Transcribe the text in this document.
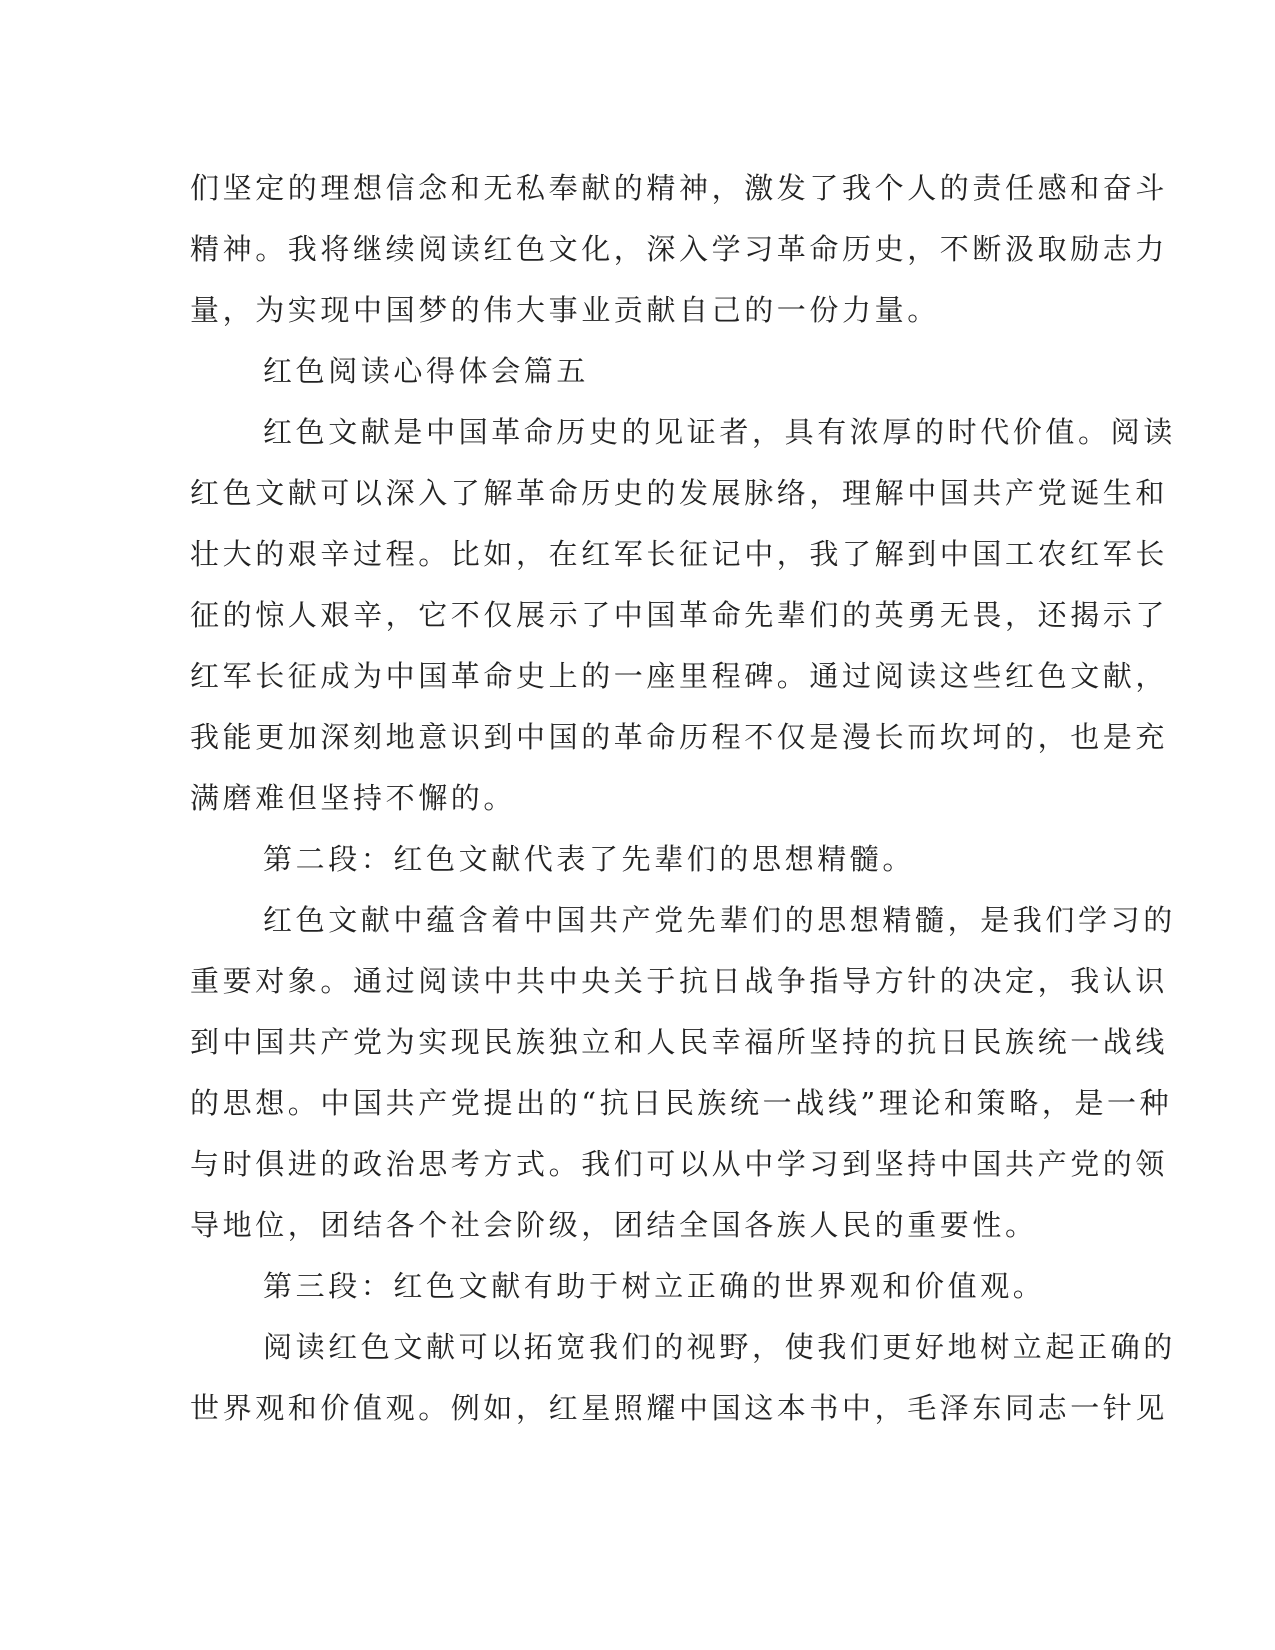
们坚定的理想信念和无私奉献的精神，激发了我个人的责任感和奋斗
精神。我将继续阅读红色文化，深入学习革命历史，不断汲取励志力
量，为实现中国梦的伟大事业贡献自己的一份力量。
红色阅读心得体会篇五
红色文献是中国革命历史的见证者，具有浓厚的时代价值。阅读
红色文献可以深入了解革命历史的发展脉络，理解中国共产党诞生和
壮大的艰辛过程。比如，在红军长征记中，我了解到中国工农红军长
征的惊人艰辛，它不仅展示了中国革命先辈们的英勇无畏，还揭示了
红军长征成为中国革命史上的一座里程碑。通过阅读这些红色文献，
我能更加深刻地意识到中国的革命历程不仅是漫长而坎坷的，也是充
满磨难但坚持不懈的。
第二段：红色文献代表了先辈们的思想精髓。
红色文献中蕴含着中国共产党先辈们的思想精髓，是我们学习的
重要对象。通过阅读中共中央关于抗日战争指导方针的决定，我认识
到中国共产党为实现民族独立和人民幸福所坚持的抗日民族统一战线
的思想。中国共产党提出的“抗日民族统一战线”理论和策略，是一种
与时俱进的政治思考方式。我们可以从中学习到坚持中国共产党的领
导地位，团结各个社会阶级，团结全国各族人民的重要性。
第三段：红色文献有助于树立正确的世界观和价值观。
阅读红色文献可以拓宽我们的视野，使我们更好地树立起正确的
世界观和价值观。例如，红星照耀中国这本书中，毛泽东同志一针见
